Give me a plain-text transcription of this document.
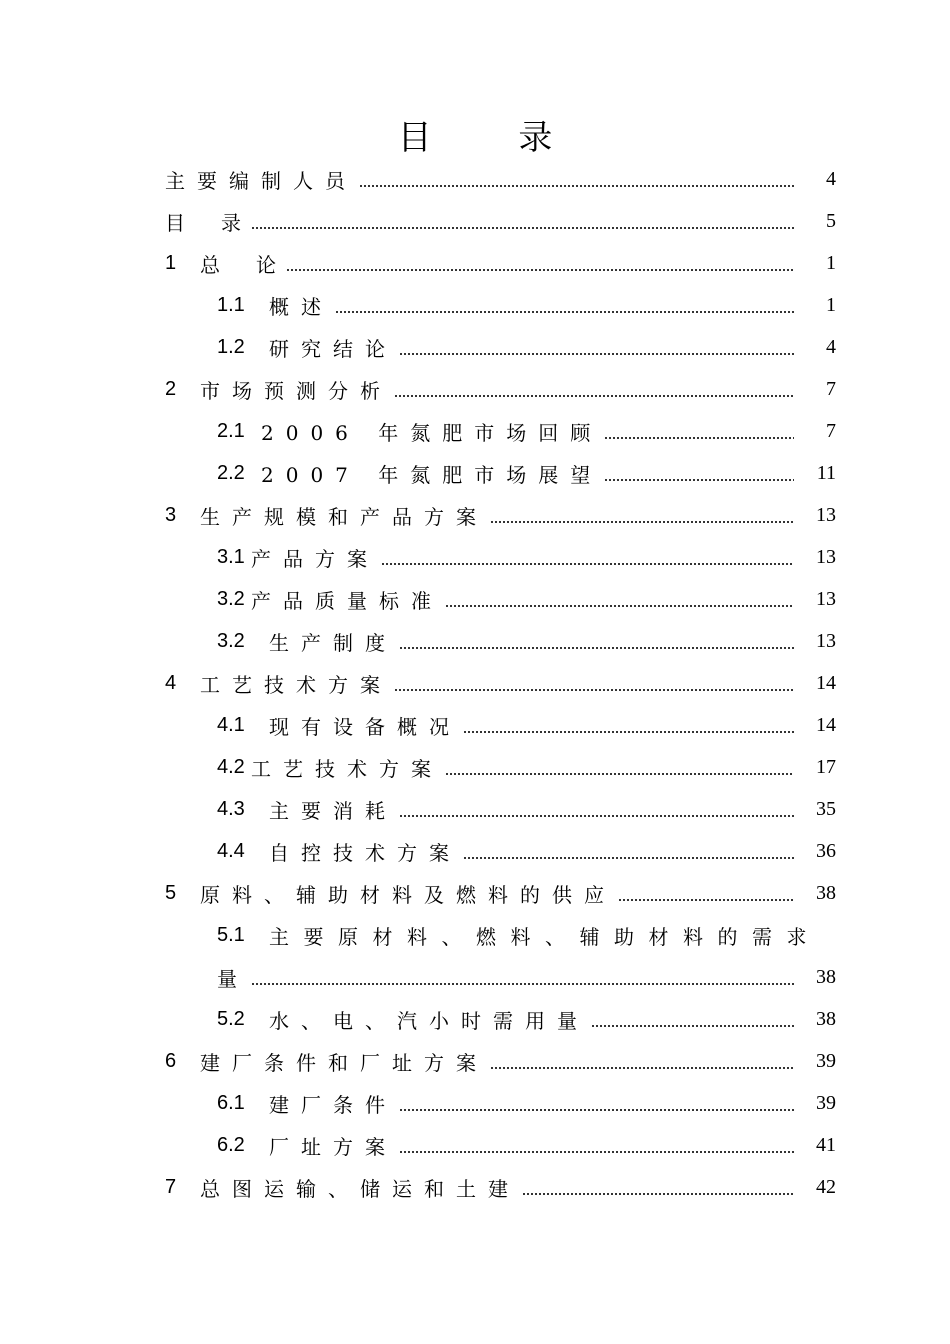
目 录
主要编制人员	4
目　录	5
1	总　论	1
1.1	概述	1
1.2	研究结论	4
2	市场预测分析	7
2.1 2006 年氮肥市场回顾	7
2.2 2007 年氮肥市场展望	11
3	生产规模和产品方案	13
3.1 产品方案	13
3.2 产品质量标准	13
3.2	生产制度	13
4	工艺技术方案	14
4.1	现有设备概况	14
4.2 工艺技术方案	17
4.3	主要消耗	35
4.4	自控技术方案	36
5	原料、辅助材料及燃料的供应	38
5.1	主要原材料、燃料、辅助材料的需求
量	38
5.2	水、电、汽小时需用量	38
6	建厂条件和厂址方案	39
6.1	建厂条件	39
6.2	厂址方案	41
7	总图运输、储运和土建	42
